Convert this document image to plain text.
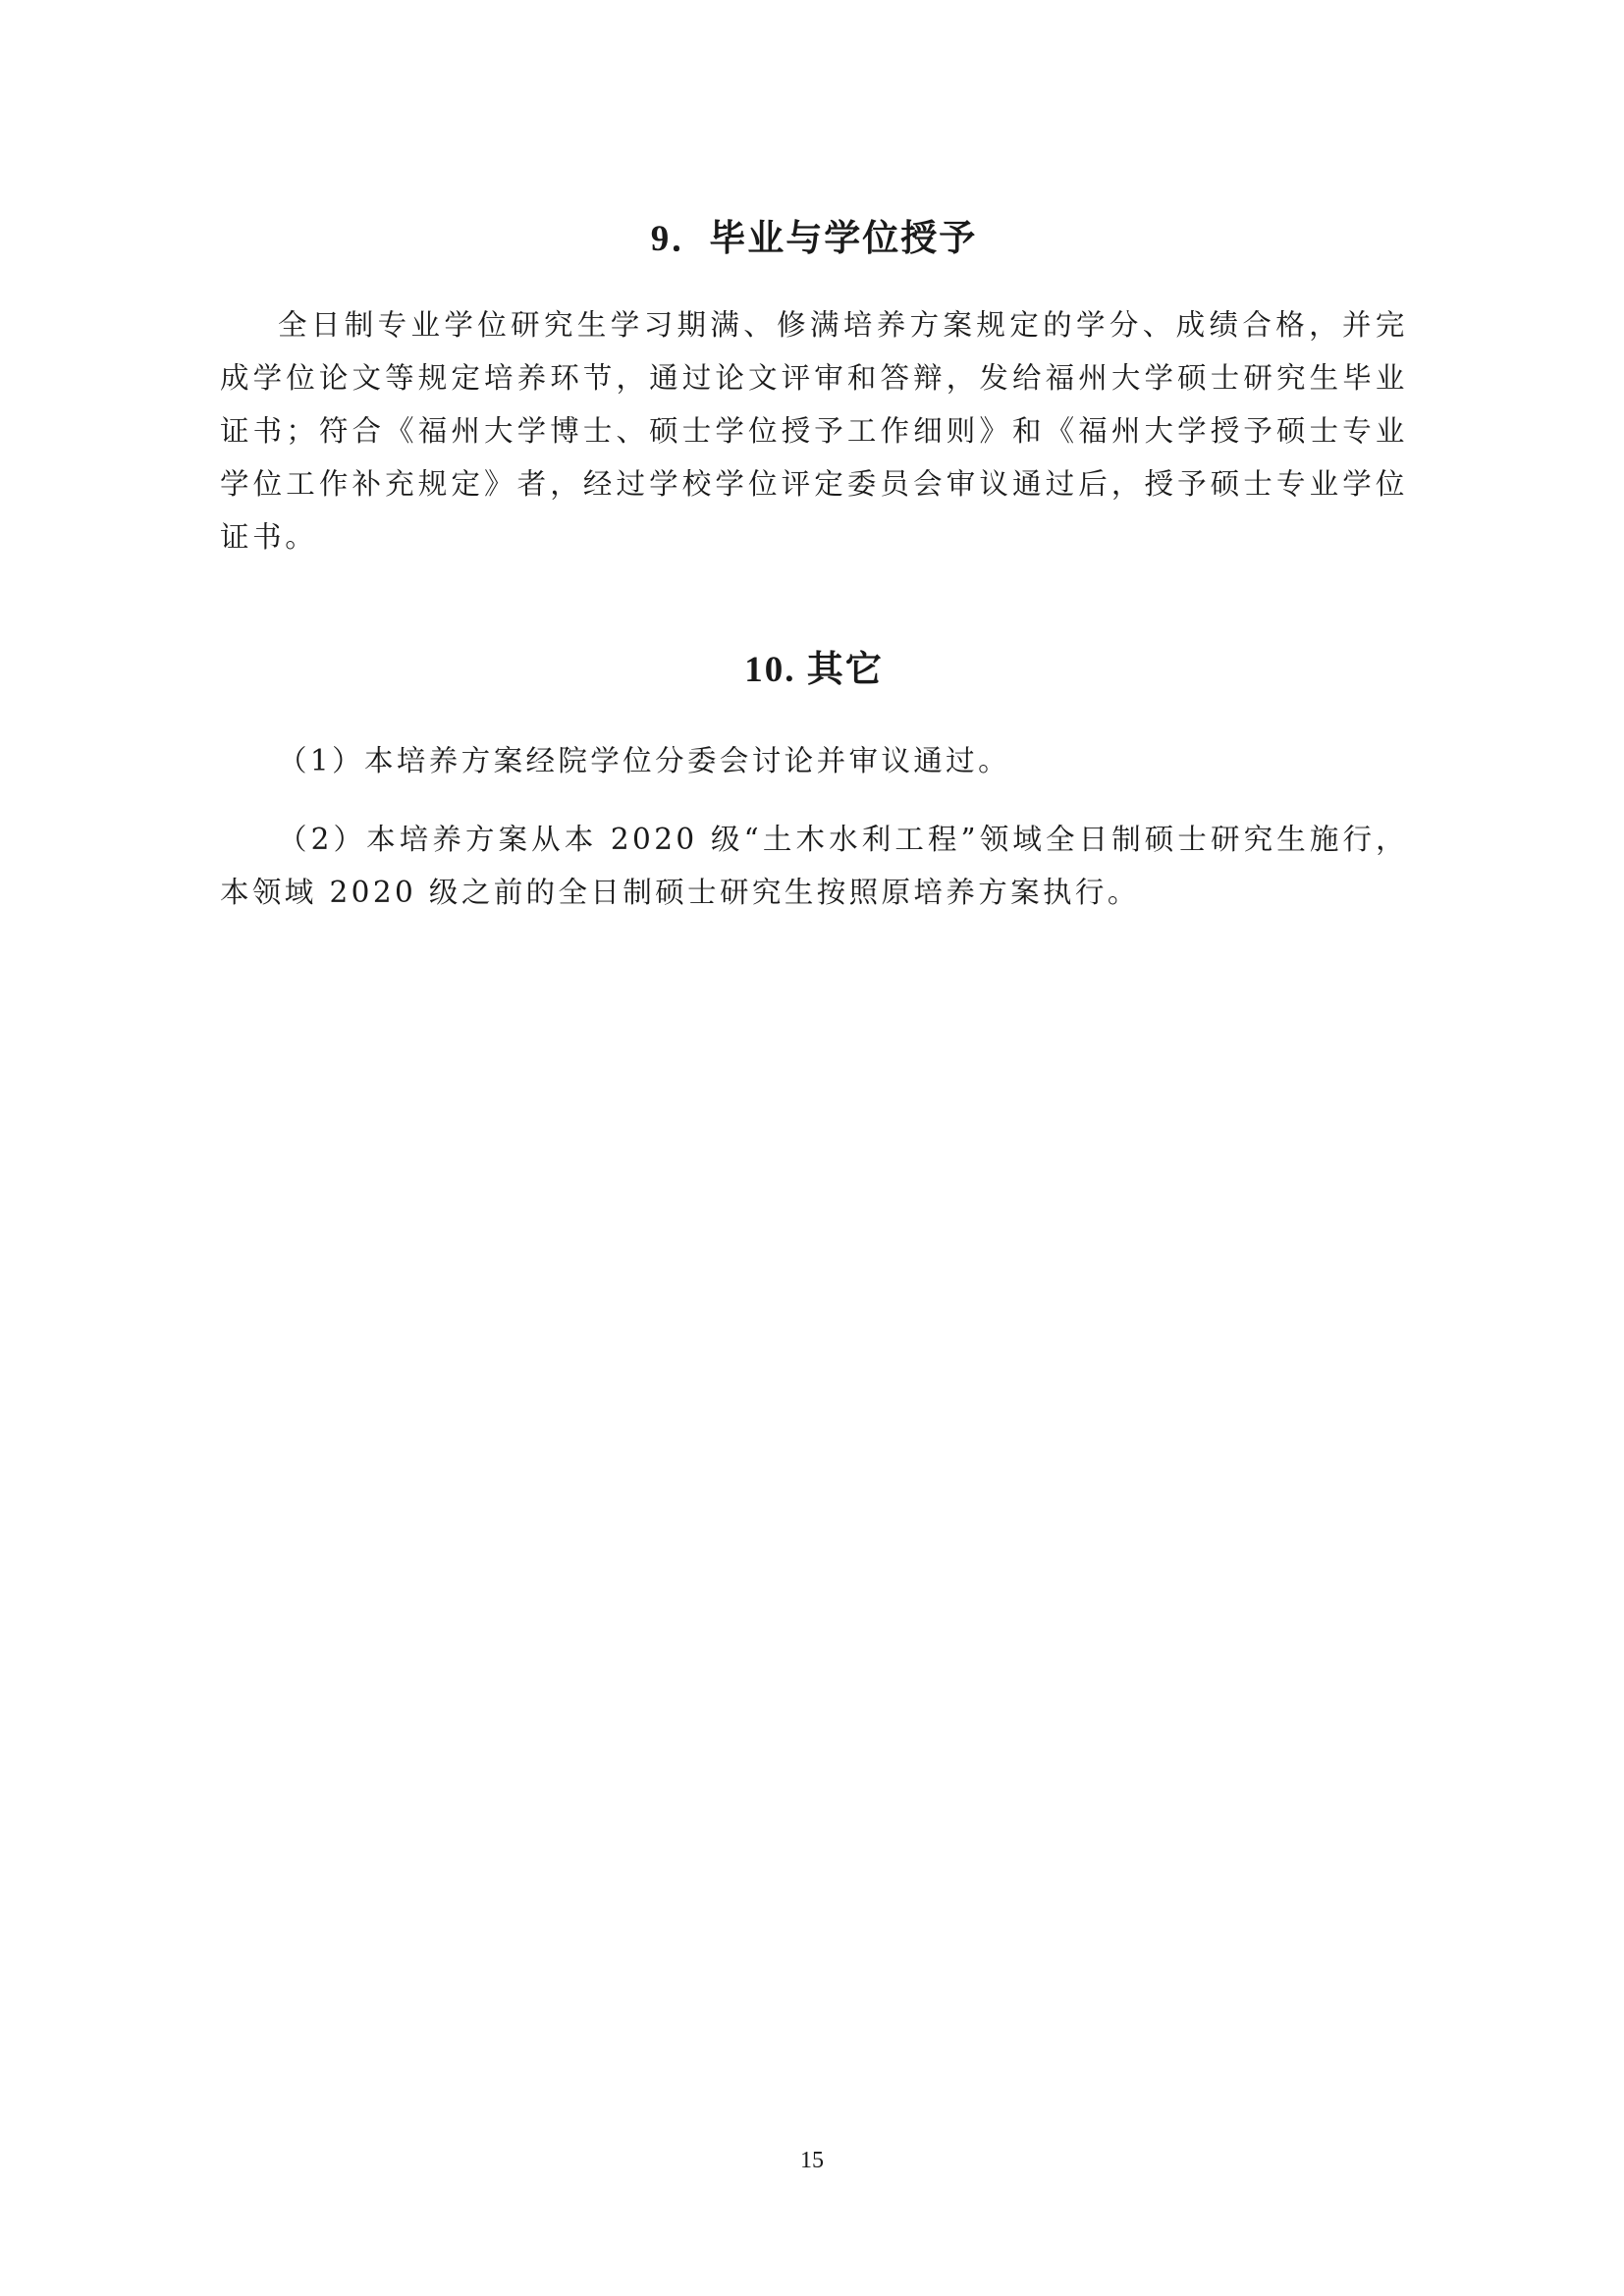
9．毕业与学位授予

全日制专业学位研究生学习期满、修满培养方案规定的学分、成绩合格，并完成学位论文等规定培养环节，通过论文评审和答辩，发给福州大学硕士研究生毕业证书；符合《福州大学博士、硕士学位授予工作细则》和《福州大学授予硕士专业学位工作补充规定》者，经过学校学位评定委员会审议通过后，授予硕士专业学位证书。

10. 其它

（1）本培养方案经院学位分委会讨论并审议通过。

（2）本培养方案从本 2020 级“土木水利工程”领域全日制硕士研究生施行，本领域 2020 级之前的全日制硕士研究生按照原培养方案执行。

15
